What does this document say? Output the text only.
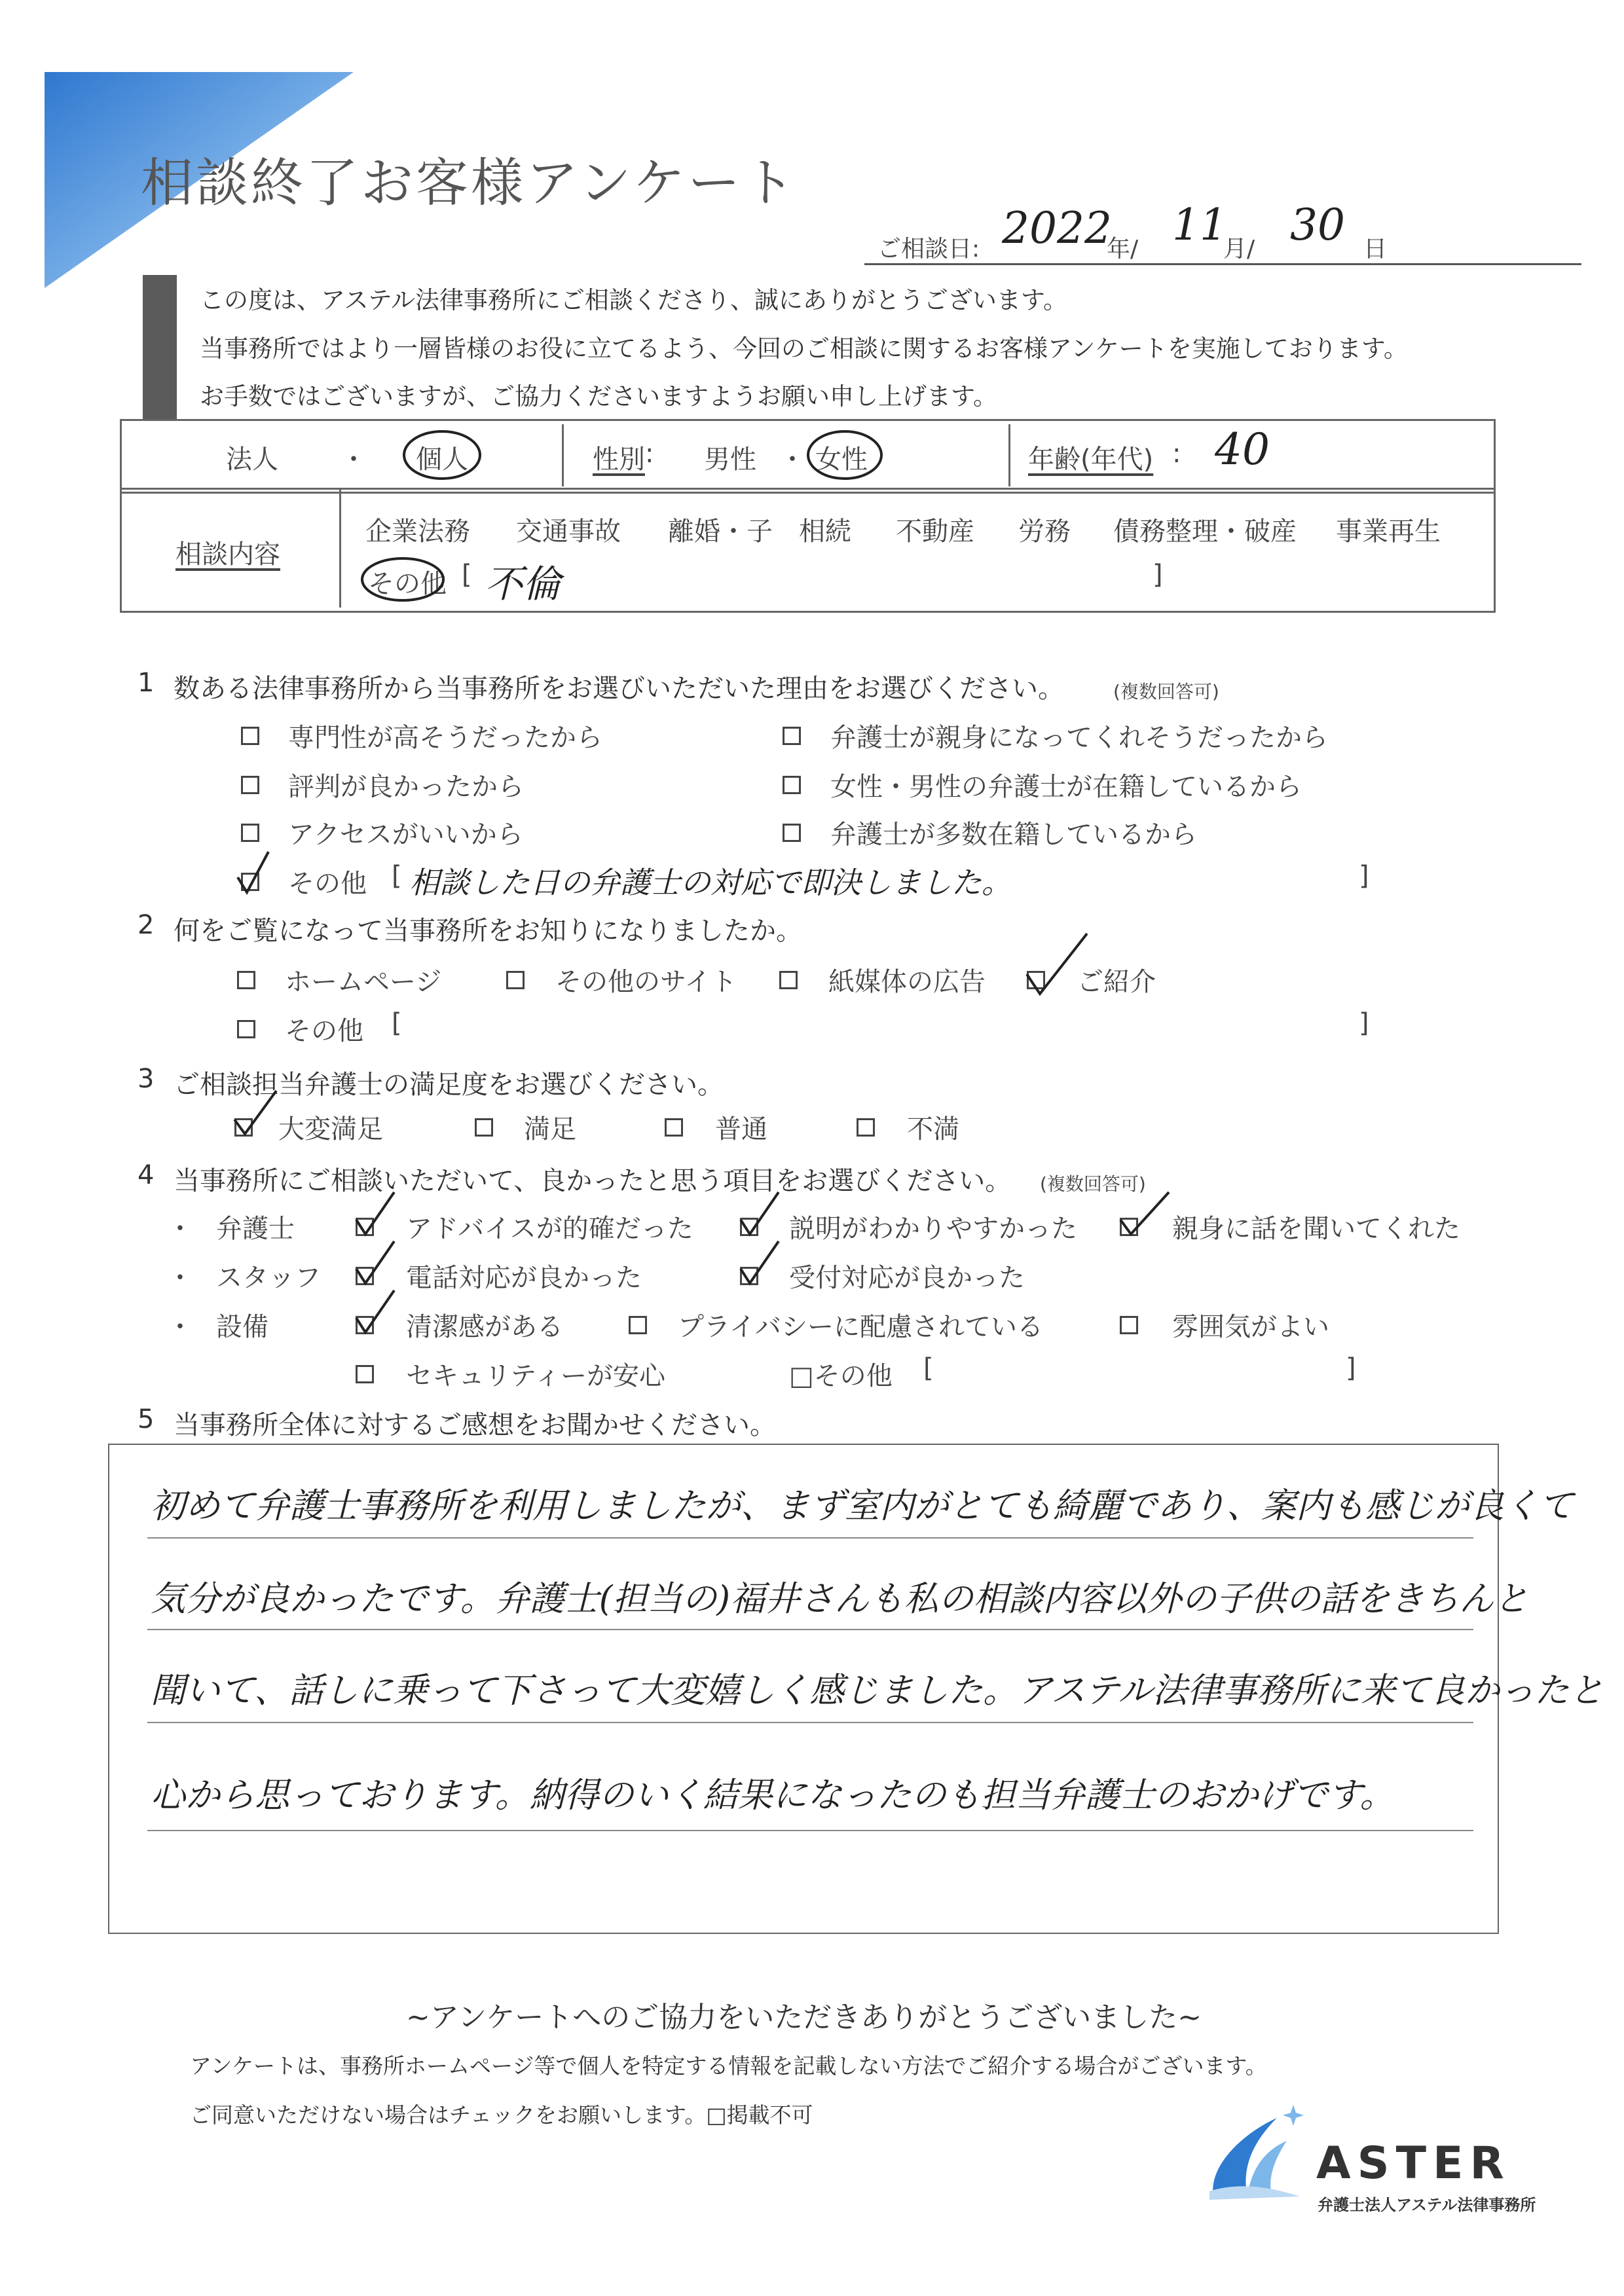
相談終了お客様アンケート
ご相談日: 2022
年/ 11
月/ 30 日
この度は、アステル法律事務所にご相談くださり、誠にありがとうございます。
当事務所ではより一層皆様のお役に立てるよう、今回のご相談に関するお客様アンケートを実施しております。
お手数ではございますが、ご協力くださいますようお願い申し上げます。
法人 ・ 個人	性別 : 男性 ・ 女性	年齢(年代) : 40
相談内容
企業法務 交通事故 離婚・子 相続 不動産 労務 債務整理・破産 事業再生
その他 [ 不倫	]
1 数ある法律事務所から当事務所をお選びいただいた理由をお選びください。	(複数回答可)
専門性が高そうだったから	弁護士が親身になってくれそうだったから
評判が良かったから	女性・男性の弁護士が在籍しているから
アクセスがいいから	弁護士が多数在籍しているから
その他 [ 相談した日の弁護士の対応で即決しました。	]
2 何をご覧になって当事務所をお知りになりましたか。
ホームページ	その他のサイト	紙媒体の広告	ご紹介
その他 [	]
3 ご相談担当弁護士の満足度をお選びください。
大変満足	満足	普通	不満
4 当事務所にご相談いただいて、良かったと思う項目をお選びください。 (複数回答可)
・ 弁護士	アドバイスが的確だった	説明がわかりやすかった	親身に話を聞いてくれた
・ スタッフ	電話対応が良かった	受付対応が良かった
・ 設備	清潔感がある	プライバシーに配慮されている	雰囲気がよい
セキュリティーが安心	□その他 [	]
5 当事務所全体に対するご感想をお聞かせください。
初めて弁護士事務所を利用しましたが、まず室内がとても綺麗であり、案内も感じが良くて
気分が良かったです。弁護士(担当の)福井さんも私の相談内容以外の子供の話をきちんと
聞いて、話しに乗って下さって大変嬉しく感じました。アステル法律事務所に来て良かったと
心から思っております。納得のいく結果になったのも担当弁護士のおかげです。
~アンケートへのご協力をいただきありがとうございました~
アンケートは、事務所ホームページ等で個人を特定する情報を記載しない方法でご紹介する場合がございます。
ご同意いただけない場合はチェックをお願いします。□掲載不可
ASTER
弁護士法人アステル法律事務所
